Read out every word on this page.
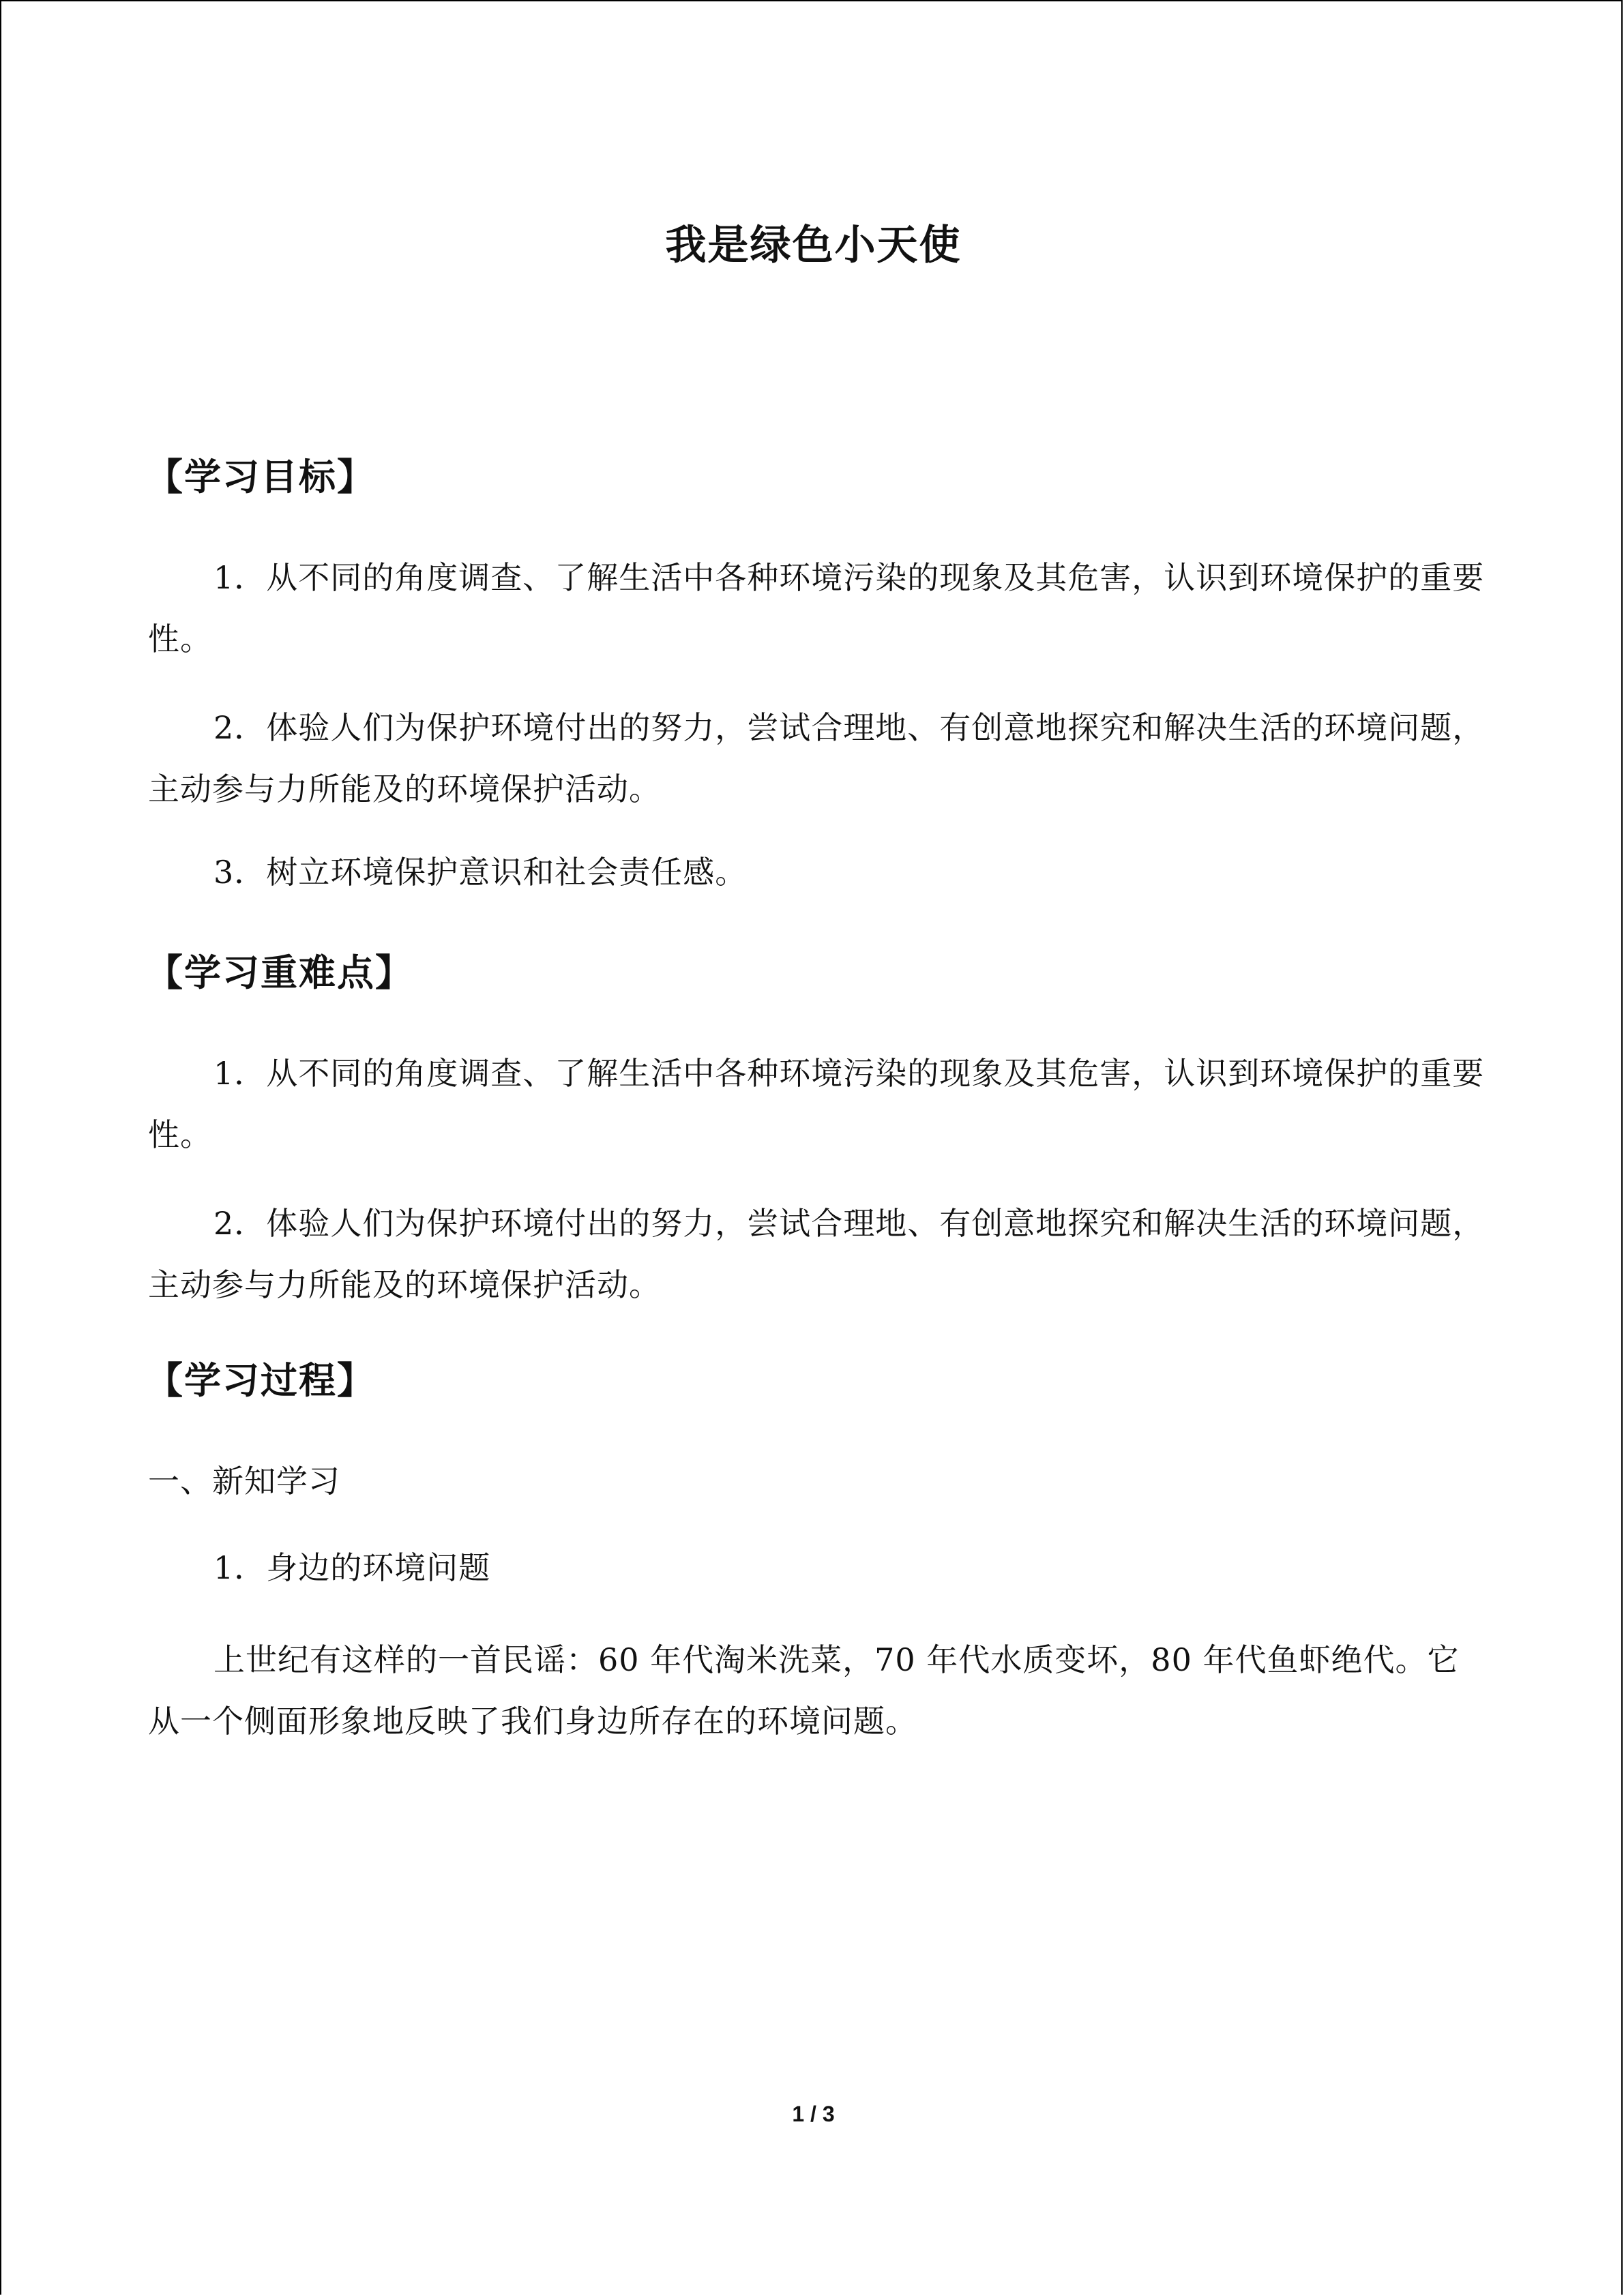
我是绿色小天使
【学习目标】
1．从不同的角度调查、了解生活中各种环境污染的现象及其危害，认识到环境保护的重要性。
2．体验人们为保护环境付出的努力，尝试合理地、有创意地探究和解决生活的环境问题，主动参与力所能及的环境保护活动。
3．树立环境保护意识和社会责任感。
【学习重难点】
1．从不同的角度调查、了解生活中各种环境污染的现象及其危害，认识到环境保护的重要性。
2．体验人们为保护环境付出的努力，尝试合理地、有创意地探究和解决生活的环境问题，主动参与力所能及的环境保护活动。
【学习过程】
一、新知学习
1．身边的环境问题
上世纪有这样的一首民谣：60 年代淘米洗菜，70 年代水质变坏，80 年代鱼虾绝代。它从一个侧面形象地反映了我们身边所存在的环境问题。
1 / 3
